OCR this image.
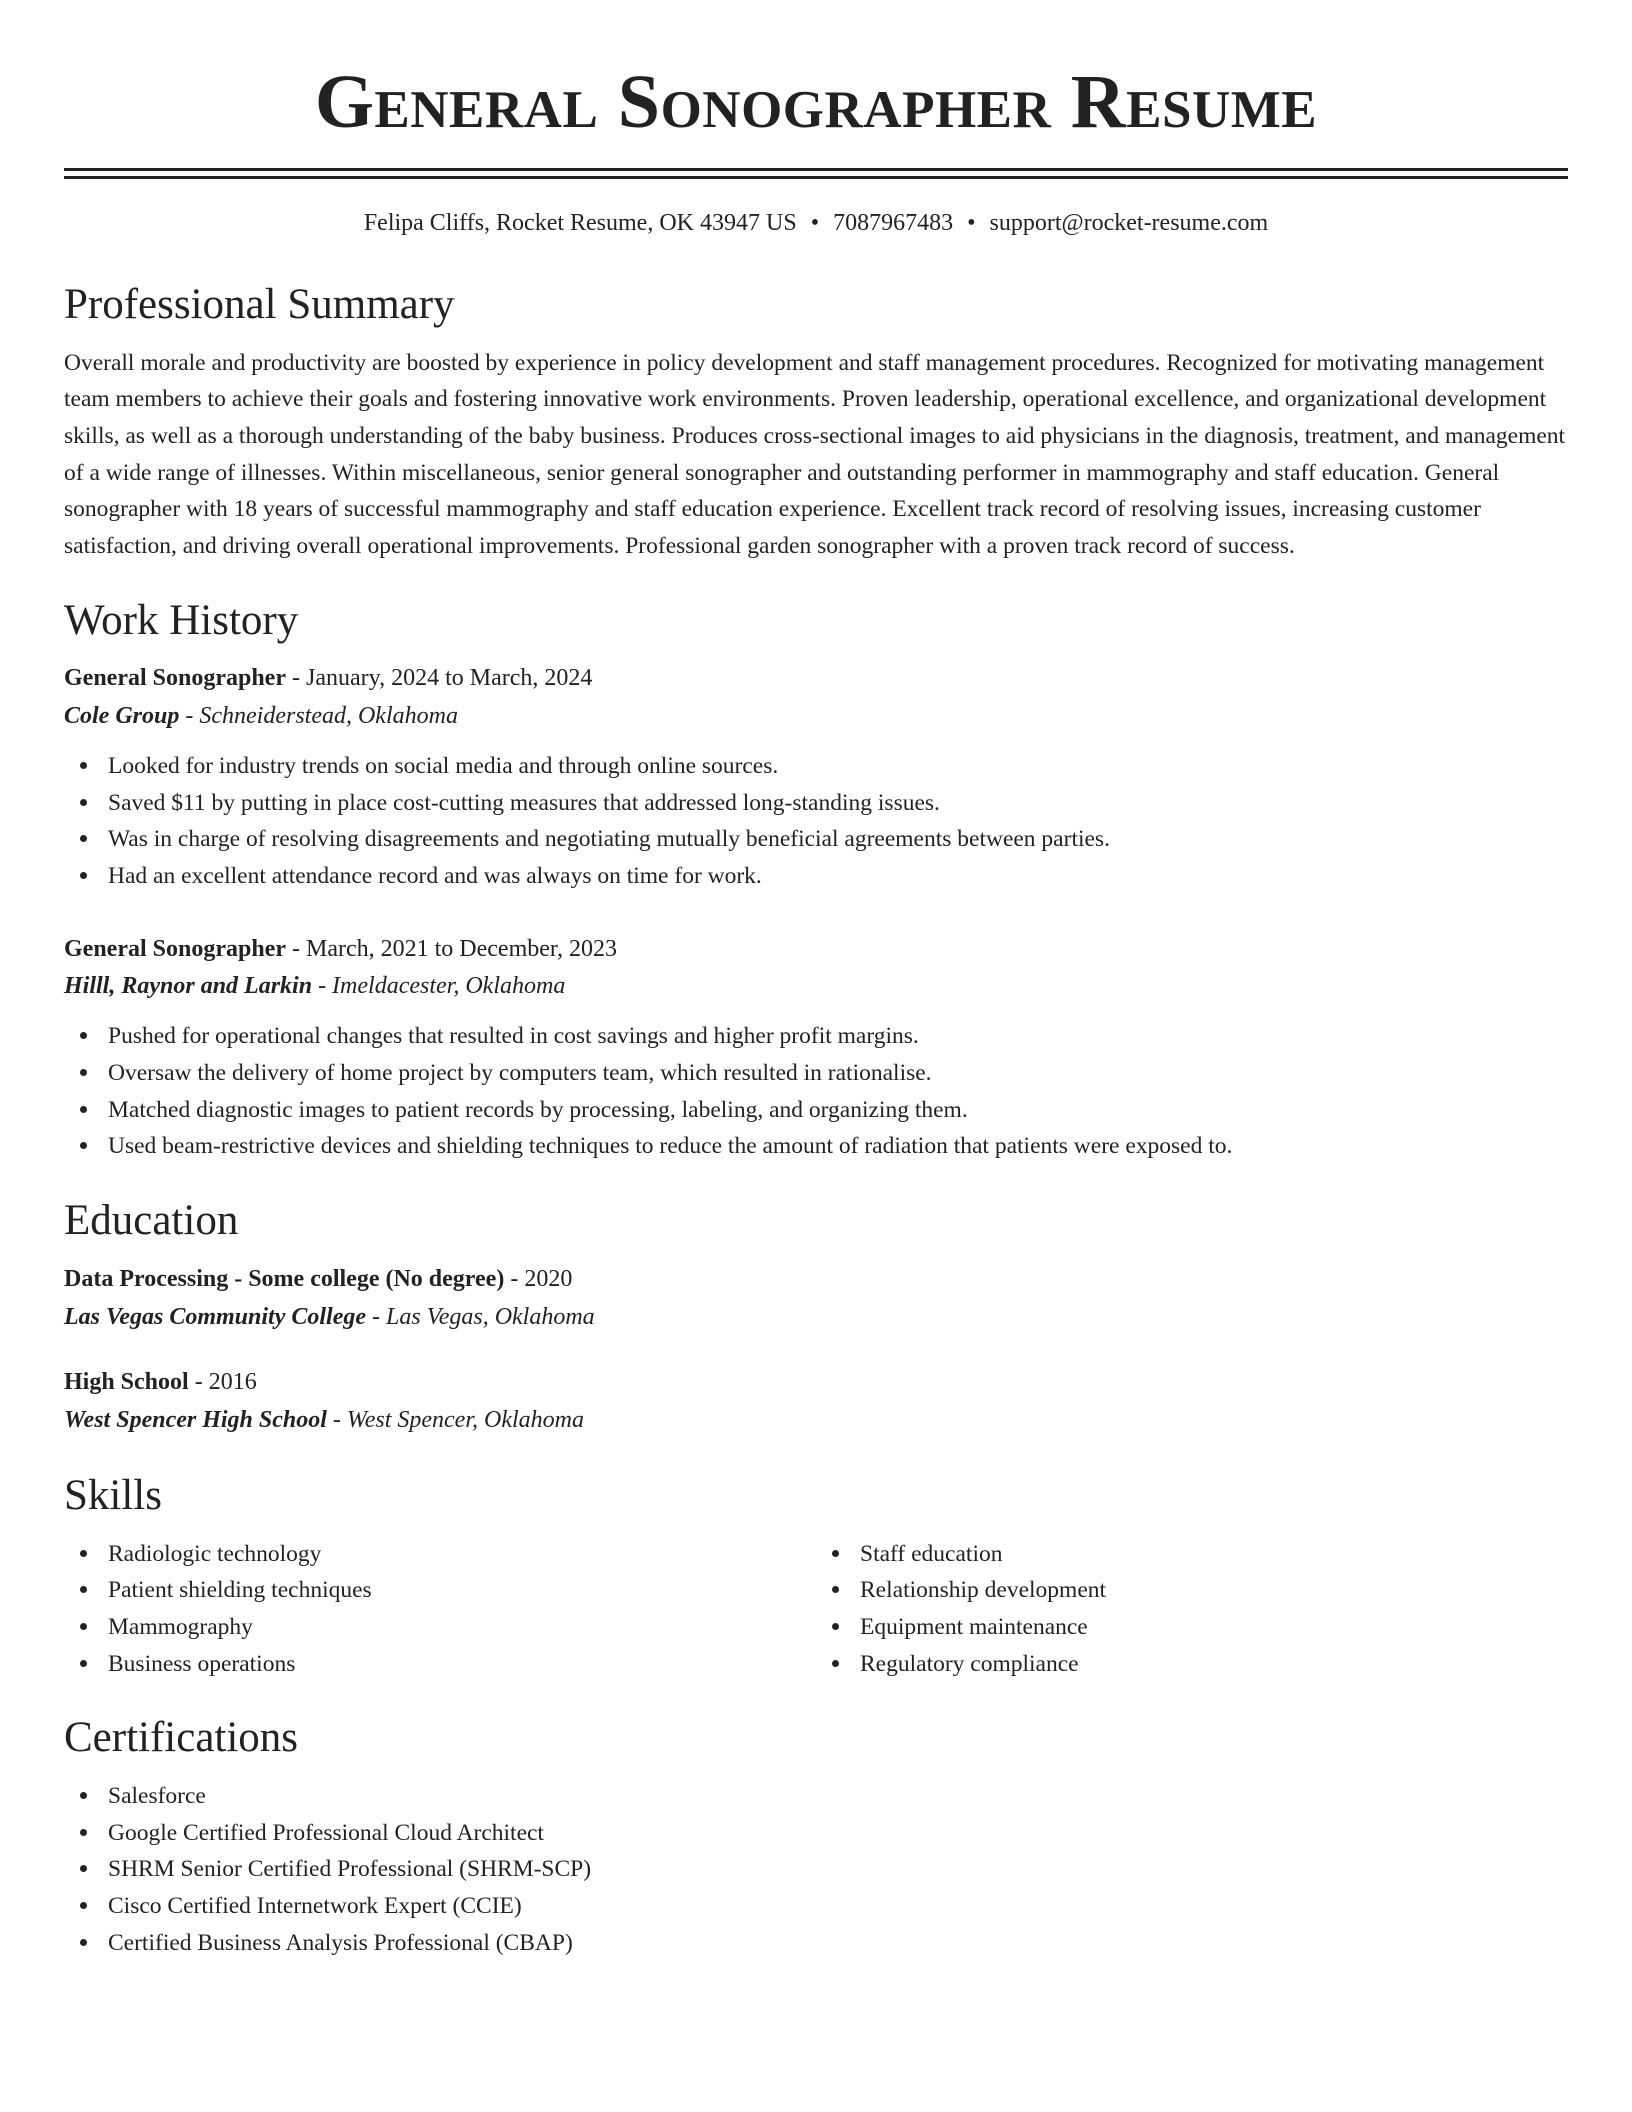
General Sonographer Resume
Felipa Cliffs, Rocket Resume, OK 43947 US • 7087967483 • support@rocket-resume.com
Professional Summary

Overall morale and productivity are boosted by experience in policy development and staff management procedures. Recognized for motivating management team members to achieve their goals and fostering innovative work environments. Proven leadership, operational excellence, and organizational development skills, as well as a thorough understanding of the baby business. Produces cross-sectional images to aid physicians in the diagnosis, treatment, and management of a wide range of illnesses. Within miscellaneous, senior general sonographer and outstanding performer in mammography and staff education. General sonographer with 18 years of successful mammography and staff education experience. Excellent track record of resolving issues, increasing customer satisfaction, and driving overall operational improvements. Professional garden sonographer with a proven track record of success.

Work History
General Sonographer - January, 2024 to March, 2024
Cole Group - Schneiderstead, Oklahoma
Looked for industry trends on social media and through online sources.
Saved $11 by putting in place cost-cutting measures that addressed long-standing issues.
Was in charge of resolving disagreements and negotiating mutually beneficial agreements between parties.
Had an excellent attendance record and was always on time for work.
General Sonographer - March, 2021 to December, 2023
Hilll, Raynor and Larkin - Imeldacester, Oklahoma
Pushed for operational changes that resulted in cost savings and higher profit margins.
Oversaw the delivery of home project by computers team, which resulted in rationalise.
Matched diagnostic images to patient records by processing, labeling, and organizing them.
Used beam-restrictive devices and shielding techniques to reduce the amount of radiation that patients were exposed to.
Education
Data Processing - Some college (No degree) - 2020
Las Vegas Community College - Las Vegas, Oklahoma
High School - 2016
West Spencer High School - West Spencer, Oklahoma
Skills
Radiologic technology
Patient shielding techniques
Mammography
Business operations
Staff education
Relationship development
Equipment maintenance
Regulatory compliance
Certifications
Salesforce
Google Certified Professional Cloud Architect
SHRM Senior Certified Professional (SHRM-SCP)
Cisco Certified Internetwork Expert (CCIE)
Certified Business Analysis Professional (CBAP)
